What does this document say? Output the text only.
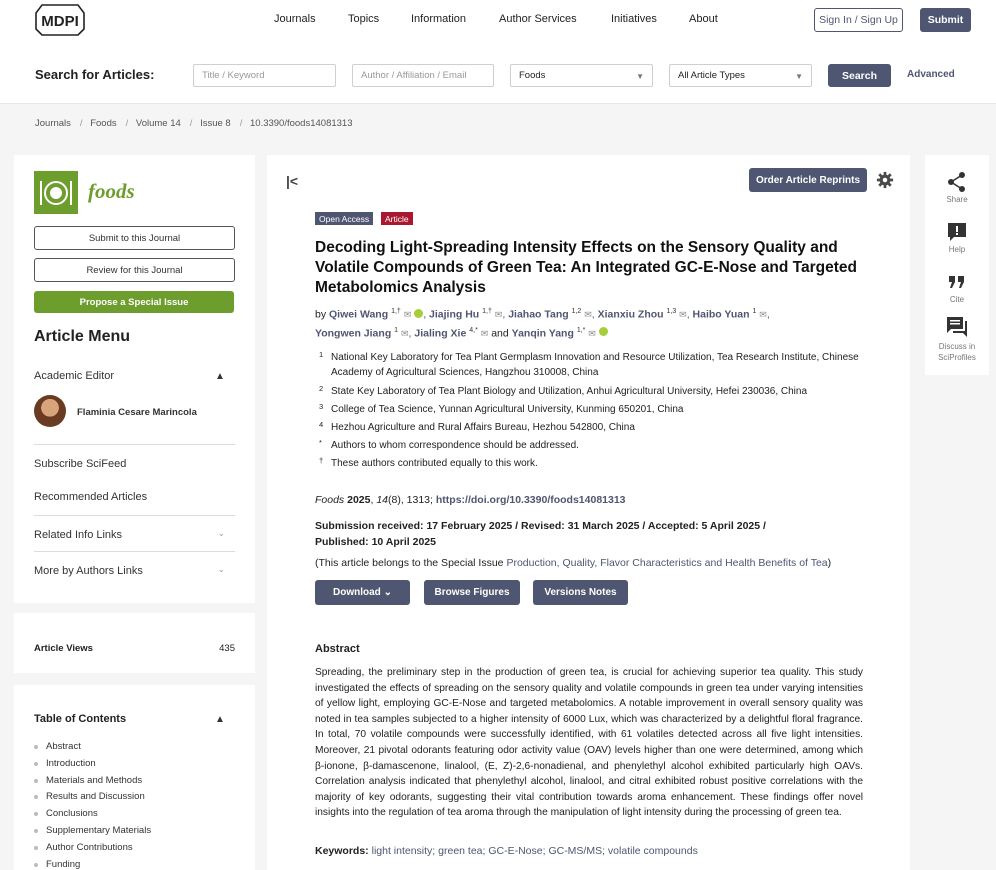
MDPI	Journals	Topics	Information	Author Services	Initiatives	About	Sign In / Sign Up	Submit
Search for Articles:	Title / Keyword	Author / Affiliation / Email	Foods	▼	All Article Types	▼	Search	Advanced
Journals / Foods / Volume 14 / Issue 8 / 10.3390/foods14081313
foods
Submit to this Journal
Review for this Journal
Propose a Special Issue
Article Menu
Academic Editor	▲
Flaminia Cesare Marincola
Subscribe SciFeed
Recommended Articles
Related Info Links	⌄
More by Authors Links	⌄
Article Views	435
Table of Contents	▲
Abstract
Introduction
Materials and Methods
Results and Discussion
Conclusions
Supplementary Materials
Author Contributions
Funding
|<	Order Article Reprints
Open Access	Article
Decoding Light-Spreading Intensity Effects on the Sensory Quality and Volatile Compounds of Green Tea: An Integrated GC-E-Nose and Targeted Metabolomics Analysis
by Qiwei Wang $^{1,\dagger}$ ✉ , Jiajing Hu $^{1,\dagger}$ ✉, Jiahao Tang $^{1,2}$ ✉, Xianxiu Zhou $^{1,3}$ ✉, Haibo Yuan $^1$ ✉,
Yongwen Jiang $^1$ ✉, Jialing Xie $^{4,*}$ ✉ and Yanqin Yang $^{1,*}$ ✉
1 National Key Laboratory for Tea Plant Germplasm Innovation and Resource Utilization, Tea Research Institute, Chinese Academy of Agricultural Sciences, Hangzhou 310008, China
2 State Key Laboratory of Tea Plant Biology and Utilization, Anhui Agricultural University, Hefei 230036, China
3 College of Tea Science, Yunnan Agricultural University, Kunming 650201, China
4 Hezhou Agriculture and Rural Affairs Bureau, Hezhou 542800, China
* Authors to whom correspondence should be addressed.
† These authors contributed equally to this work.
Foods 2025, 14(8), 1313; https://doi.org/10.3390/foods14081313
Submission received: 17 February 2025 / Revised: 31 March 2025 / Accepted: 5 April 2025 / Published: 10 April 2025
(This article belongs to the Special Issue Production, Quality, Flavor Characteristics and Health Benefits of Tea)
Download
⌄	Browse Figures	Versions Notes
Abstract
Spreading, the preliminary step in the production of green tea, is crucial for achieving superior tea quality. This study investigated the effects of spreading on the sensory quality and volatile compounds in green tea under varying intensities of yellow light, employing GC-E-Nose and targeted metabolomics. A notable improvement in overall sensory quality was noted in tea samples subjected to a higher intensity of 6000 Lux, which was characterized by a delightful floral fragrance. In total, 70 volatile compounds were successfully identified, with 61 volatiles detected across all five light intensities. Moreover, 21 pivotal odorants featuring odor activity value (OAV) levels higher than one were determined, among which β-ionone, β-damascenone, linalool, (E, Z)-2,6-nonadienal, and phenylethyl alcohol exhibited particularly high OAVs. Correlation analysis indicated that phenylethyl alcohol, linalool, and citral exhibited robust positive correlations with the majority of key odorants, suggesting their vital contribution towards aroma enhancement. These findings offer novel insights into the regulation of tea aroma through the manipulation of light intensity during the processing of green tea.
Keywords: light intensity; green tea; GC-E-Nose; GC-MS/MS; volatile compounds
Share
Help
Cite
Discuss in SciProfiles
